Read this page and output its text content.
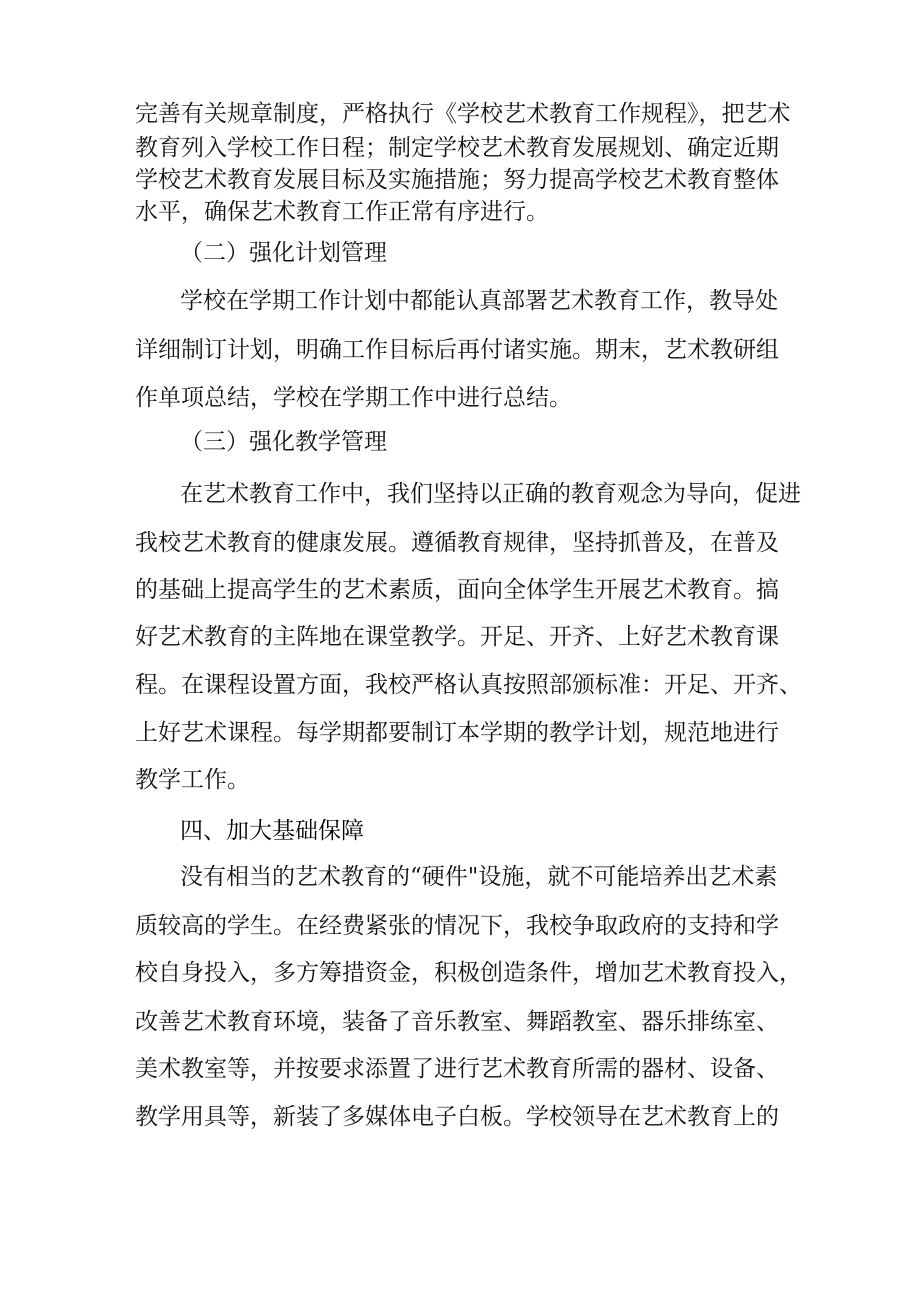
完善有关规章制度，严格执行《学校艺术教育工作规程》，把艺术
教育列入学校工作日程；制定学校艺术教育发展规划、确定近期
学校艺术教育发展目标及实施措施；努力提高学校艺术教育整体
水平，确保艺术教育工作正常有序进行。
（二）强化计划管理
学校在学期工作计划中都能认真部署艺术教育工作，教导处
详细制订计划，明确工作目标后再付诸实施。期末，艺术教研组
作单项总结，学校在学期工作中进行总结。
（三）强化教学管理
在艺术教育工作中，我们坚持以正确的教育观念为导向，促进
我校艺术教育的健康发展。遵循教育规律，坚持抓普及，在普及
的基础上提高学生的艺术素质，面向全体学生开展艺术教育。搞
好艺术教育的主阵地在课堂教学。开足、开齐、上好艺术教育课
程。在课程设置方面，我校严格认真按照部颁标准：开足、开齐、
上好艺术课程。每学期都要制订本学期的教学计划，规范地进行
教学工作。
四、加大基础保障
没有相当的艺术教育的“硬件"设施，就不可能培养出艺术素
质较高的学生。在经费紧张的情况下，我校争取政府的支持和学
校自身投入，多方筹措资金，积极创造条件，增加艺术教育投入，
改善艺术教育环境，装备了音乐教室、舞蹈教室、器乐排练室、
美术教室等，并按要求添置了进行艺术教育所需的器材、设备、
教学用具等，新装了多媒体电子白板。学校领导在艺术教育上的
